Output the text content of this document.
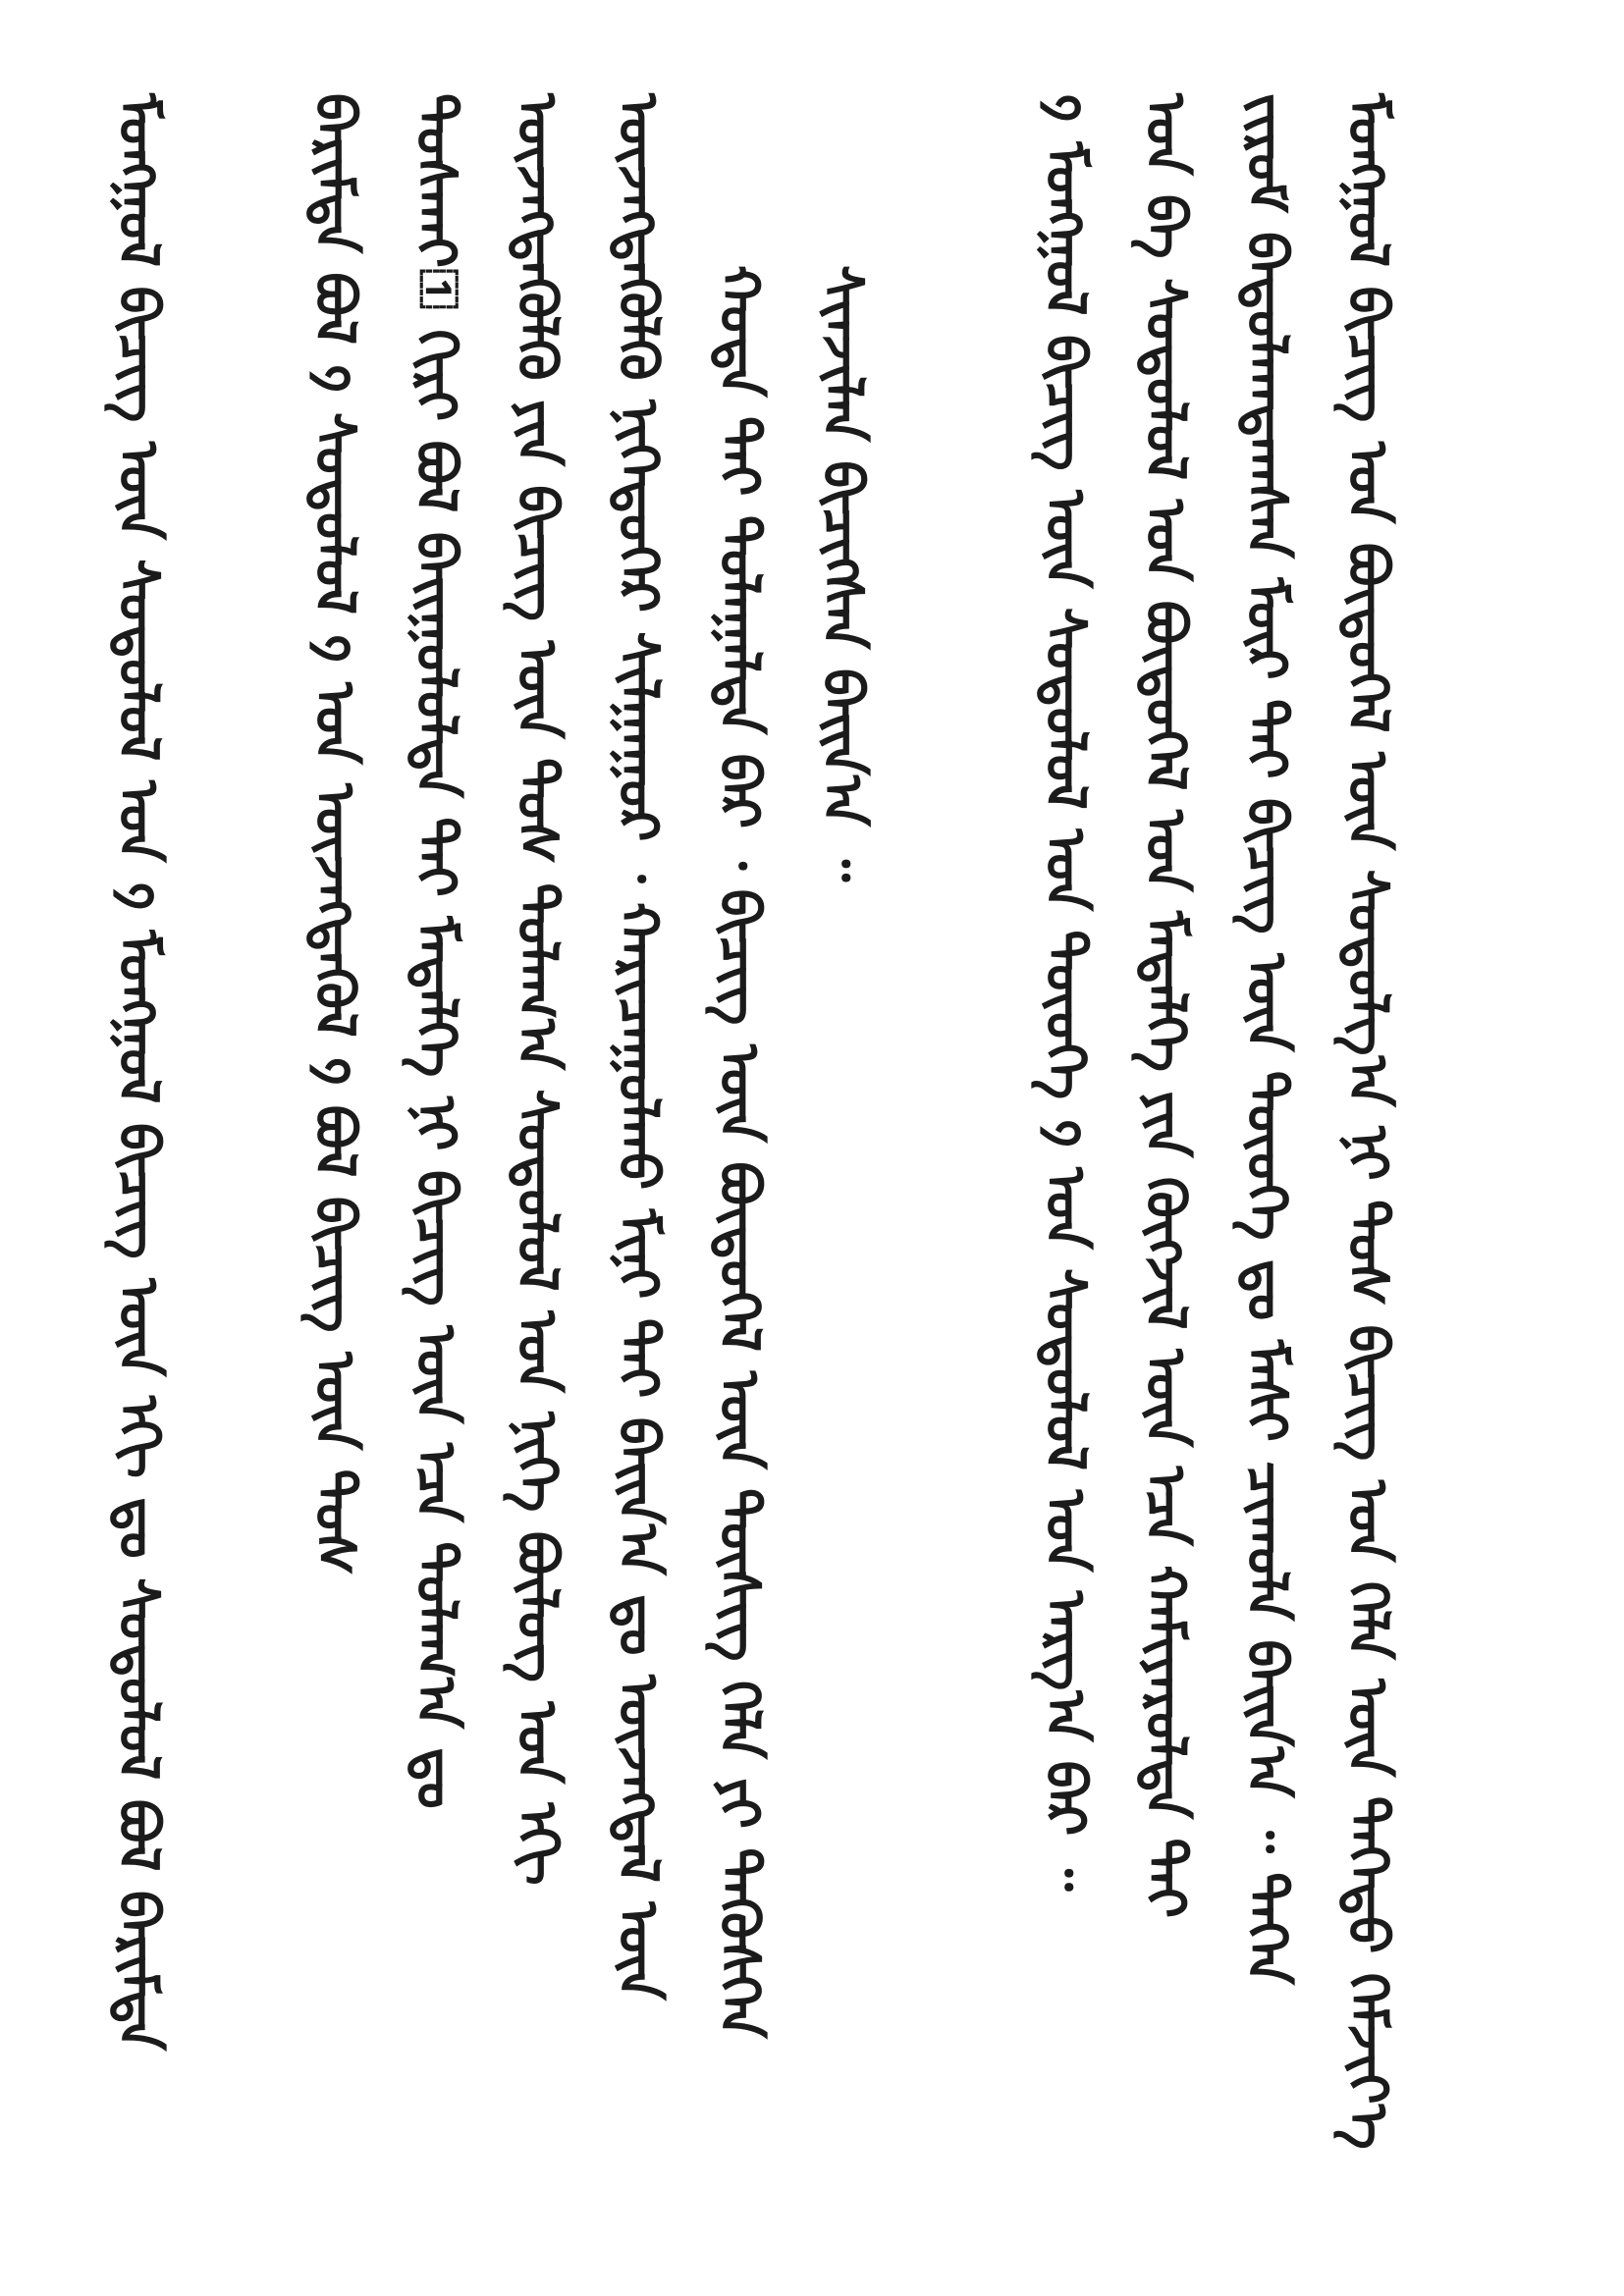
ᠮᠣᠩᠭᠤᠯ ᠪᠢᠴᠢᠭ᠌ ᠤᠨ ᠪᠦᠲᠦᠭᠡᠯ ᠦᠨ ᠰᠣᠳᠤᠯᠭ᠎ᠠ ᠨᠢ ᠲᠤᠰ ᠪᠢᠴᠢᠭ᠌ ᠤᠨ ᠬᠡᠯᠡ ᠦᠨ ᠳᠡᠭᠡᠳᠦ ᠬᠡᠮᠵᠢᠶ᠎ᠡ
ᠵᠢᠷᠤᠮ ᠪᠠᠲᠤᠯᠠᠭᠳᠠᠭᠰᠠᠨ ᠮᠥᠷ ᠲᠠᠢ ᠪᠢᠴᠢᠭ᠌ ᠦᠨ ᠲᠦᠦᠬᠡ ᠳᠤ ᠮᠠᠰᠢ ᠴᠢᠬᠤᠯᠠ ᠪᠠᠢᠨ᠎ᠠ ᠃ ᠲᠡᠭᠡᠨ
ᠤᠨ ᠪᠡ ᠰᠤᠳᠤᠯᠤᠯ ᠤᠨ ᠪᠦᠲᠦᠭᠡᠯ ᠤᠨ ᠮᠡᠳᠡᠯᠭᠡ ᠶᠢᠨ ᠬᠥᠭᠵᠢᠯ ᠦᠨ ᠡᠴᠡ ᠬᠠᠮᠢᠶᠠᠷᠤᠯᠲᠠ ᠲᠠᠢ
᠀ ᠮᠣᠩᠭᠤᠯ ᠪᠢᠴᠢᠭ᠌ ᠦᠨ ᠰᠤᠳᠤᠯᠤᠯ ᠤᠨ ᠲᠦᠦᠬᠡ ᠀ ᠤᠨ ᠰᠤᠳᠤᠯᠤᠯ ᠤᠨ ᠠᠷᠭ᠎ᠠ ᠪᠠᠷ ᠃
ᠰᠢᠨᠵᠢᠯᠡᠨ ᠪᠢᠴᠢᠭᠰᠡᠨ ᠪᠠᠢᠨ᠎ᠠ ᠃
ᠬᠣᠲᠠ ᠲᠠᠢ ᠲᠤᠯᠠᠭᠠᠯᠳᠠ ᠪᠠᠷ ᠂ ᠪᠢᠴᠢᠭ᠌ ᠦᠨ ᠪᠦᠲᠦᠭᠡᠯ ᠦᠨ ᠲᠦᠰᠢᠭ ᠬᠡᠯᠡ ᠶᠢ ᠲᠡᠭᠦᠰᠬᠡᠨ
ᠦᠵᠡᠭᠳᠡᠭᠦᠯᠬᠦ ᠨᠢᠭᠡᠳᠦᠭᠡᠷ ᠰᠢᠯᠭᠠᠭᠤᠷ ᠂ ᠬᠠᠷᠢᠴᠠᠭᠤᠯᠬᠤ ᠮᠢᠨᠢ ᠲᠠᠢ ᠪᠠᠢᠨ᠎ᠠ ᠳᠤ ᠦᠵᠡᠭᠳᠡᠯ ᠦᠨ
ᠦᠵᠡᠭᠳᠡᠭᠦᠯᠬᠦ ᠶᠢᠨ ᠪᠢᠴᠢᠭ᠌ ᠦᠨ ᠲᠤᠰ ᠲᠤᠯᠠᠭ᠎ᠠ ᠰᠤᠳᠤᠯᠤᠯ ᠤᠨ ᠨᠢᠭᠡ ᠪᠦᠯᠦᠭ ᠤᠨ ᠡᠬᠢ
ᠲᠤᠰᠬᠠᠶ᠋ ᠬᠢᠷᠢ ᠪᠣᠯ ᠪᠠᠢᠭᠤᠯᠤᠯᠲᠠ ᠲᠠᠢ ᠮᠡᠳᠡᠯᠭᠡ ᠨᠢ ᠪᠢᠴᠢᠭ᠌ ᠦᠨ ᠡᠴᠡ ᠲᠤᠯᠠᠭ᠎ᠠ ᠳᠤ
ᠪᠠᠷᠢᠮᠲᠠ ᠪᠣᠯ ᠀ ᠰᠤᠳᠤᠯᠤᠯ ᠀ ᠤᠨ ᠦᠵᠡᠭᠳᠡᠭᠦᠯ ᠀ ᠪᠣᠯ ᠪᠢᠴᠢᠭ᠌ ᠦᠨ ᠲᠤᠰ
ᠮᠣᠩᠭᠤᠯ ᠪᠢᠴᠢᠭ᠌ ᠦᠨ ᠰᠤᠳᠤᠯᠤᠯ ᠤᠨ ᠀ ᠮᠣᠩᠭᠤᠯ ᠪᠢᠴᠢᠭ᠌ ᠦᠨ ᠡᠬᠢ ᠳᠤ ᠰᠤᠳᠤᠯᠤᠯ ᠪᠣᠯ ᠪᠠᠷᠢᠮᠲᠠ
